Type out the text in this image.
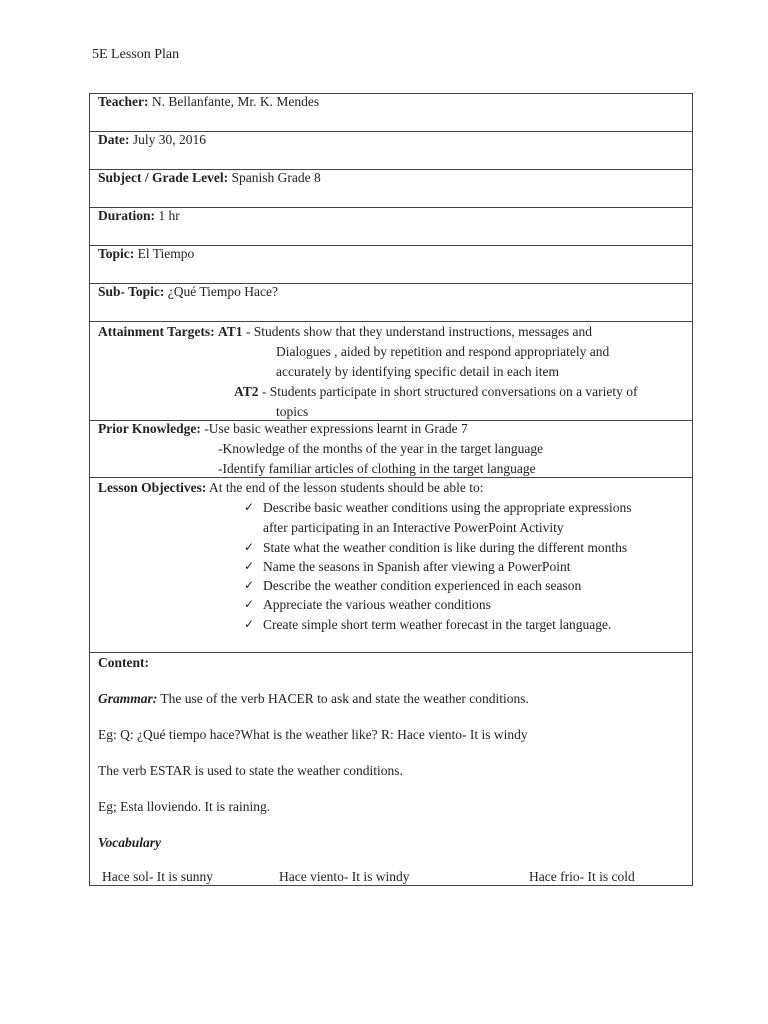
5E Lesson Plan
Teacher: N. Bellanfante, Mr. K. Mendes
Date: July 30, 2016
Subject / Grade Level: Spanish Grade 8
Duration: 1 hr
Topic: El Tiempo
Sub- Topic: ¿Qué Tiempo Hace?

Attainment Targets: AT1 - Students show that they understand instructions, messages and
Dialogues , aided by repetition and respond appropriately and
accurately by identifying specific detail in each item
AT2 - Students participate in short structured conversations on a variety of
topics

Prior Knowledge: -Use basic weather expressions learnt in Grade 7
-Knowledge of the months of the year in the target language
-Identify familiar articles of clothing in the target language

Lesson Objectives: At the end of the lesson students should be able to:
✓ Describe basic weather conditions using the appropriate expressions
after participating in an Interactive PowerPoint Activity
✓ State what the weather condition is like during the different months
✓ Name the seasons in Spanish after viewing a PowerPoint
✓ Describe the weather condition experienced in each season
✓ Appreciate the various weather conditions
✓ Create simple short term weather forecast in the target language.

Content:
Grammar: The use of the verb HACER to ask and state the weather conditions.
Eg: Q: ¿Qué tiempo hace?What is the weather like? R: Hace viento- It is windy
The verb ESTAR is used to state the weather conditions.
Eg; Esta lloviendo. It is raining.
Vocabulary
Hace sol- It is sunny	Hace viento- It is windy	Hace frio- It is cold
